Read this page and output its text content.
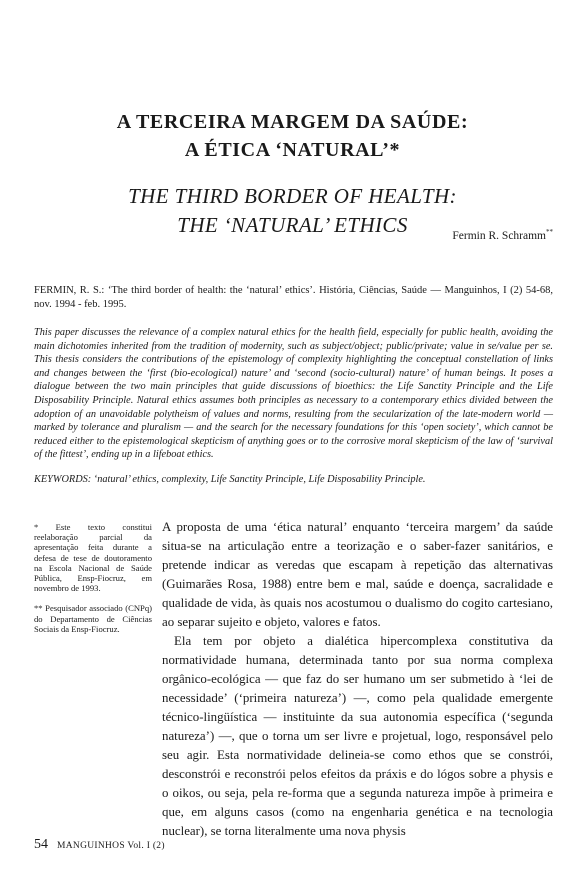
A TERCEIRA MARGEM DA SAÚDE:

A ÉTICA ‘NATURAL’*

THE THIRD BORDER OF HEALTH:

THE ‘NATURAL’ ETHICS	Fermin R. Schramm**
FERMIN, R. S.: ‘The third border of health: the ‘natural’ ethics’. História, Ciências, Saúde — Manguinhos, I (2) 54-68, nov. 1994 - feb. 1995.
This paper discusses the relevance of a complex natural ethics for the health field, especially for public health, avoiding the main dichotomies inherited from the tradition of modernity, such as subject/object; public/private; value in se/value per se. This thesis considers the contributions of the epistemology of complexity highlighting the conceptual constellation of links and changes between the ‘first (bio-ecological) nature’ and ‘second (socio-cultural) nature’ of human beings. It poses a dialogue between the two main principles that guide discussions of bioethics: the Life Sanctity Principle and the Life Disposability Principle. Natural ethics assumes both principles as necessary to a contemporary ethics divided between the adoption of an unavoidable polytheism of values and norms, resulting from the secularization of the late-modern world — marked by tolerance and pluralism — and the search for the necessary foundations for this ‘open society’, which cannot be reduced either to the epistemological skepticism of anything goes or to the corrosive moral skepticism of the law of ‘survival of the fittest’, ending up in a lifeboat ethics.
KEYWORDS: ‘natural’ ethics, complexity, Life Sanctity Principle, Life Disposability Principle.

* Este texto constitui reelaboração parcial da apresentação feita durante a defesa de tese de doutoramento na Escola Nacional de Saúde Pública, Ensp-Fiocruz, em novembro de 1993.

** Pesquisador associado (CNPq) do Departamento de Ciências Sociais da Ensp-Fiocruz.

A proposta de uma ‘ética natural’ enquanto ‘terceira margem’ da saúde situa-se na articulação entre a teorização e o saber-fazer sanitários, e pretende indicar as veredas que escapam à repetição das alternativas (Guimarães Rosa, 1988) entre bem e mal, saúde e doença, sacralidade e qualidade de vida, às quais nos acostumou o dualismo do cogito cartesiano, ao separar sujeito e objeto, valores e fatos.

Ela tem por objeto a dialética hipercomplexa constitutiva da normatividade humana, determinada tanto por sua norma complexa orgânico-ecológica — que faz do ser humano um ser submetido à ‘lei de necessidade’ (‘primeira natureza’) —, como pela qualidade emergente técnico-lingüística — instituinte da sua autonomia específica (‘segunda natureza’) —, que o torna um ser livre e projetual, logo, responsável pelo seu agir. Esta normatividade delineia-se como ethos que se constrói, desconstrói e reconstrói pelos efeitos da práxis e do lógos sobre a physis e o oikos, ou seja, pela re-forma que a segunda natureza impõe à primeira e que, em alguns casos (como na engenharia genética e na tecnologia nuclear), se torna literalmente uma nova physis

54 MANGUINHOS Vol. I (2)
